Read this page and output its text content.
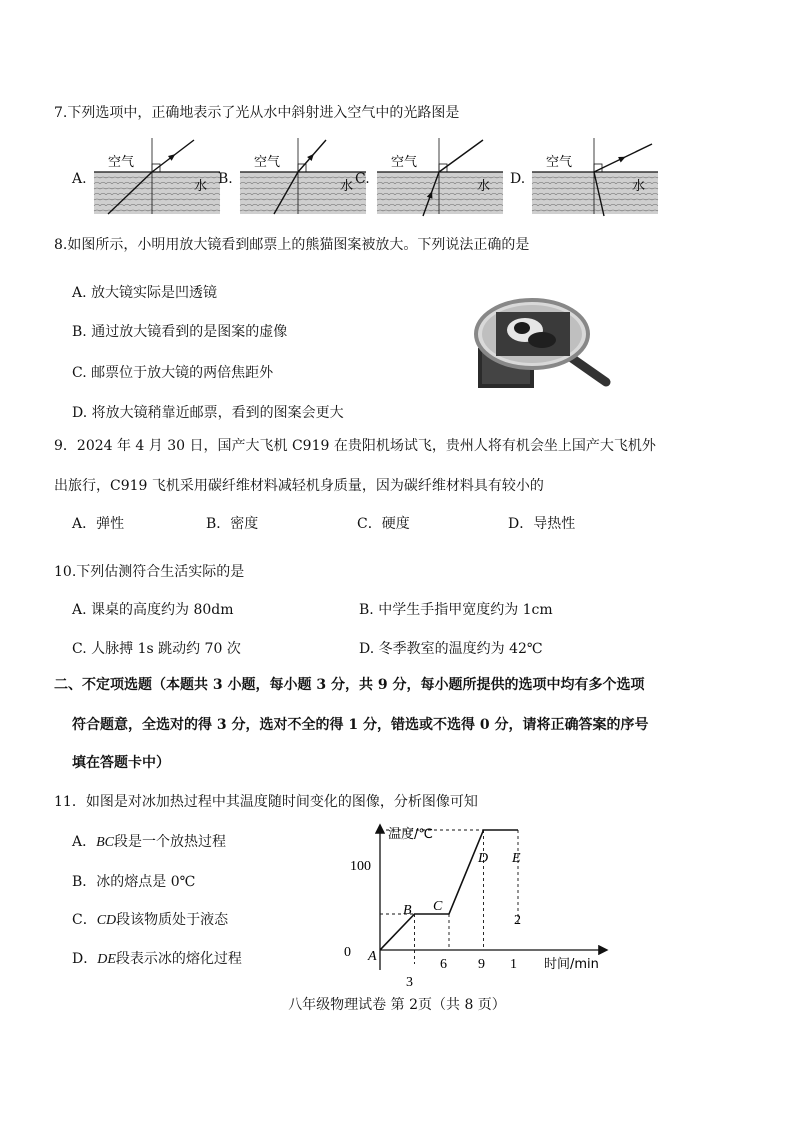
7.下列选项中，正确地表示了光从水中斜射进入空气中的光路图是
A.
空气
水 B.
空气
水 C.
空气
水 D.
空气
水
8.如图所示，小明用放大镜看到邮票上的熊猫图案被放大。下列说法正确的是
A. 放大镜实际是凹透镜
B. 通过放大镜看到的是图案的虚像
C. 邮票位于放大镜的两倍焦距外
D. 将放大镜稍靠近邮票，看到的图案会更大
9．2024 年 4 月 30 日，国产大飞机 C919 在贵阳机场试飞，贵州人将有机会坐上国产大飞机外
出旅行，C919 飞机采用碳纤维材料减轻机身质量，因为碳纤维材料具有较小的
A．弹性	B．密度	C．硬度	D．导热性
10.下列估测符合生活实际的是
A. 课桌的高度约为 80dm	B. 中学生手指甲宽度约为 1cm
C. 人脉搏 1s 跳动约 70 次	D. 冬季教室的温度约为 42℃
二、不定项选题（本题共 3 小题，每小题 3 分，共 9 分，每小题所提供的选项中均有多个选项
符合题意，全选对的得 3 分，选对不全的得 1 分，错选或不选得 0 分，请将正确答案的序号
填在答题卡中）
11．如图是对冰加热过程中其温度随时间变化的图像，分析图像可知
A．BC段是一个放热过程
B．冰的熔点是 0℃
C．CD段该物质处于液态
D．DE段表示冰的熔化过程
温度/℃
时间/min
100
0
3
6 9 1
2
A
B C
D E
八年级物理试卷 第 2页（共 8 页）
